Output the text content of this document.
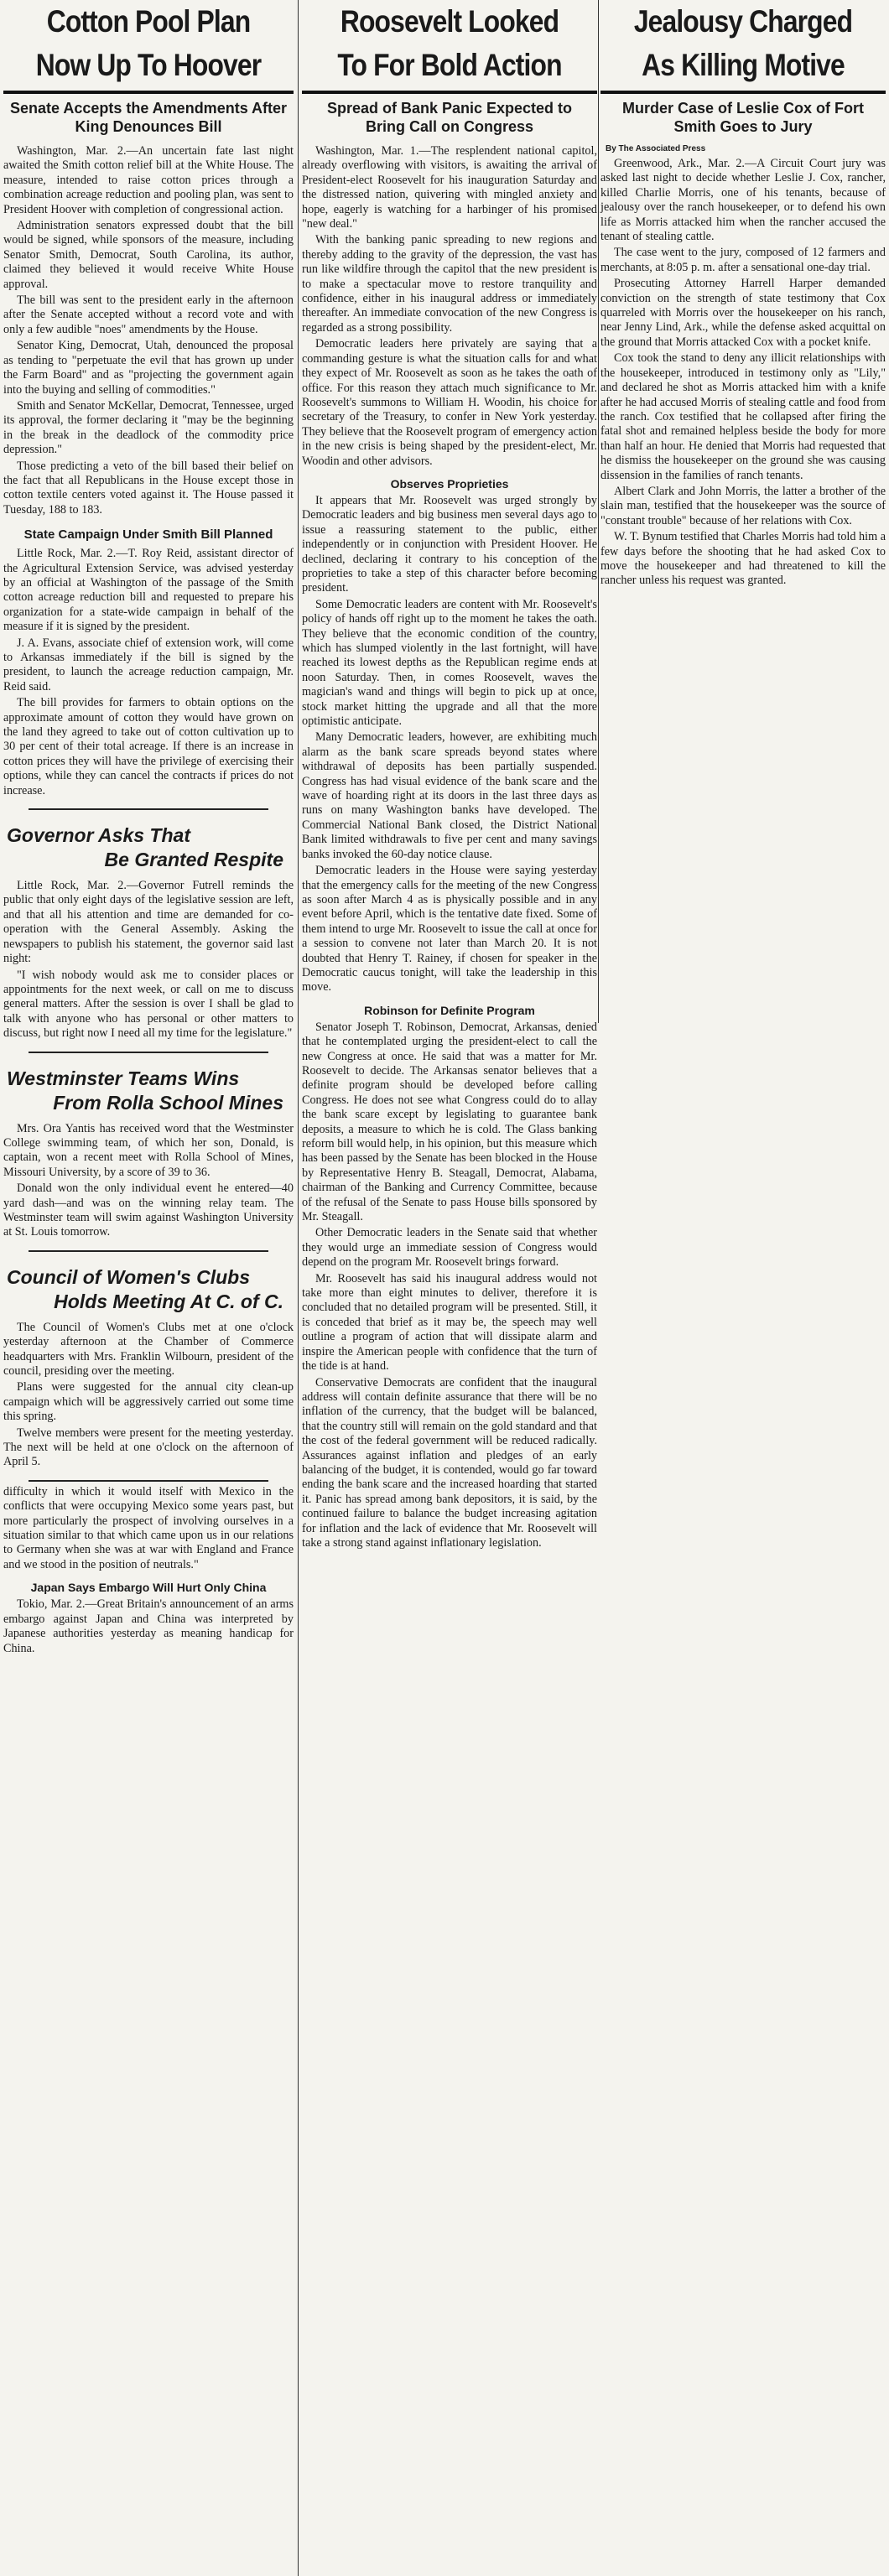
Cotton Pool Plan
Now Up To Hoover
Senate Accepts the Amendments After King Denounces Bill

Washington, Mar. 2.—An uncertain fate last night awaited the Smith cotton relief bill at the White House. The measure, intended to raise cotton prices through a combination acreage reduction and pooling plan, was sent to President Hoover with completion of congressional action.

Administration senators expressed doubt that the bill would be signed, while sponsors of the measure, including Senator Smith, Democrat, South Carolina, its author, claimed they believed it would receive White House approval.

The bill was sent to the president early in the afternoon after the Senate accepted without a record vote and with only a few audible "noes" amendments by the House.

Senator King, Democrat, Utah, denounced the proposal as tending to "perpetuate the evil that has grown up under the Farm Board" and as "projecting the government again into the buying and selling of commodities."

Smith and Senator McKellar, Democrat, Tennessee, urged its approval, the former declaring it "may be the beginning in the break in the deadlock of the commodity price depression."

Those predicting a veto of the bill based their belief on the fact that all Republicans in the House except those in cotton textile centers voted against it. The House passed it Tuesday, 188 to 183.

State Campaign Under Smith Bill Planned

Little Rock, Mar. 2.—T. Roy Reid, assistant director of the Agricultural Extension Service, was advised yesterday by an official at Washington of the passage of the Smith cotton acreage reduction bill and requested to prepare his organization for a state-wide campaign in behalf of the measure if it is signed by the president.

J. A. Evans, associate chief of extension work, will come to Arkansas immediately if the bill is signed by the president, to launch the acreage reduction campaign, Mr. Reid said.

The bill provides for farmers to obtain options on the approximate amount of cotton they would have grown on the land they agreed to take out of cotton cultivation up to 30 per cent of their total acreage. If there is an increase in cotton prices they will have the privilege of exercising their options, while they can cancel the contracts if prices do not increase.

Governor Asks That
Be Granted Respite

Little Rock, Mar. 2.—Governor Futrell reminds the public that only eight days of the legislative session are left, and that all his attention and time are demanded for co-operation with the General Assembly. Asking the newspapers to publish his statement, the governor said last night:

"I wish nobody would ask me to consider places or appointments for the next week, or call on me to discuss general matters. After the session is over I shall be glad to talk with anyone who has personal or other matters to discuss, but right now I need all my time for the legislature."

Westminster Teams Wins
From Rolla School Mines

Mrs. Ora Yantis has received word that the Westminster College swimming team, of which her son, Donald, is captain, won a recent meet with Rolla School of Mines, Missouri University, by a score of 39 to 36.

Donald won the only individual event he entered—40 yard dash—and was on the winning relay team. The Westminster team will swim against Washington University at St. Louis tomorrow.

Council of Women's Clubs
Holds Meeting At C. of C.

The Council of Women's Clubs met at one o'clock yesterday afternoon at the Chamber of Commerce headquarters with Mrs. Franklin Wilbourn, president of the council, presiding over the meeting.

Plans were suggested for the annual city clean-up campaign which will be aggressively carried out some time this spring.

Twelve members were present for the meeting yesterday. The next will be held at one o'clock on the afternoon of April 5.

difficulty in which it would itself with Mexico in the conflicts that were occupying Mexico some years past, but more particularly the prospect of involving ourselves in a situation similar to that which came upon us in our relations to Germany when she was at war with England and France and we stood in the position of neutrals."

Japan Says Embargo Will Hurt Only China

Tokio, Mar. 2.—Great Britain's announcement of an arms embargo against Japan and China was interpreted by Japanese authorities yesterday as meaning handicap for China.

Roosevelt Looked
To For Bold Action
Spread of Bank Panic Expected to Bring Call on Congress

Washington, Mar. 1.—The resplendent national capitol, already overflowing with visitors, is awaiting the arrival of President-elect Roosevelt for his inauguration Saturday and the distressed nation, quivering with mingled anxiety and hope, eagerly is watching for a harbinger of his promised "new deal."

With the banking panic spreading to new regions and thereby adding to the gravity of the depression, the vast has run like wildfire through the capitol that the new president is to make a spectacular move to restore tranquility and confidence, either in his inaugural address or immediately thereafter. An immediate convocation of the new Congress is regarded as a strong possibility.

Democratic leaders here privately are saying that a commanding gesture is what the situation calls for and what they expect of Mr. Roosevelt as soon as he takes the oath of office. For this reason they attach much significance to Mr. Roosevelt's summons to William H. Woodin, his choice for secretary of the Treasury, to confer in New York yesterday. They believe that the Roosevelt program of emergency action in the new crisis is being shaped by the president-elect, Mr. Woodin and other advisors.

Observes Proprieties

It appears that Mr. Roosevelt was urged strongly by Democratic leaders and big business men several days ago to issue a reassuring statement to the public, either independently or in conjunction with President Hoover. He declined, declaring it contrary to his conception of the proprieties to take a step of this character before becoming president.

Some Democratic leaders are content with Mr. Roosevelt's policy of hands off right up to the moment he takes the oath. They believe that the economic condition of the country, which has slumped violently in the last fortnight, will have reached its lowest depths as the Republican regime ends at noon Saturday. Then, in comes Roosevelt, waves the magician's wand and things will begin to pick up at once, stock market hitting the upgrade and all that the more optimistic anticipate.

Many Democratic leaders, however, are exhibiting much alarm as the bank scare spreads beyond states where withdrawal of deposits has been partially suspended. Congress has had visual evidence of the bank scare and the wave of hoarding right at its doors in the last three days as runs on many Washington banks have developed. The Commercial National Bank closed, the District National Bank limited withdrawals to five per cent and many savings banks invoked the 60-day notice clause.

Democratic leaders in the House were saying yesterday that the emergency calls for the meeting of the new Congress as soon after March 4 as is physically possible and in any event before April, which is the tentative date fixed. Some of them intend to urge Mr. Roosevelt to issue the call at once for a session to convene not later than March 20. It is not doubted that Henry T. Rainey, if chosen for speaker in the Democratic caucus tonight, will take the leadership in this move.

Robinson for Definite Program

Senator Joseph T. Robinson, Democrat, Arkansas, denied that he contemplated urging the president-elect to call the new Congress at once. He said that was a matter for Mr. Roosevelt to decide. The Arkansas senator believes that a definite program should be developed before calling Congress. He does not see what Congress could do to allay the bank scare except by legislating to guarantee bank deposits, a measure to which he is cold. The Glass banking reform bill would help, in his opinion, but this measure which has been passed by the Senate has been blocked in the House by Representative Henry B. Steagall, Democrat, Alabama, chairman of the Banking and Currency Committee, because of the refusal of the Senate to pass House bills sponsored by Mr. Steagall.

Other Democratic leaders in the Senate said that whether they would urge an immediate session of Congress would depend on the program Mr. Roosevelt brings forward.

Mr. Roosevelt has said his inaugural address would not take more than eight minutes to deliver, therefore it is concluded that no detailed program will be presented. Still, it is conceded that brief as it may be, the speech may well outline a program of action that will dissipate alarm and inspire the American people with confidence that the turn of the tide is at hand.

Conservative Democrats are confident that the inaugural address will contain definite assurance that there will be no inflation of the currency, that the budget will be balanced, that the country still will remain on the gold standard and that the cost of the federal government will be reduced radically. Assurances against inflation and pledges of an early balancing of the budget, it is contended, would go far toward ending the bank scare and the increased hoarding that started it. Panic has spread among bank depositors, it is said, by the continued failure to balance the budget increasing agitation for inflation and the lack of evidence that Mr. Roosevelt will take a strong stand against inflationary legislation.

Jealousy Charged
As Killing Motive
Murder Case of Leslie Cox of Fort Smith Goes to Jury
By The Associated Press

Greenwood, Ark., Mar. 2.—A Circuit Court jury was asked last night to decide whether Leslie J. Cox, rancher, killed Charlie Morris, one of his tenants, because of jealousy over the ranch housekeeper, or to defend his own life as Morris attacked him when the rancher accused the tenant of stealing cattle.

The case went to the jury, composed of 12 farmers and merchants, at 8:05 p. m. after a sensational one-day trial.

Prosecuting Attorney Harrell Harper demanded conviction on the strength of state testimony that Cox quarreled with Morris over the housekeeper on his ranch, near Jenny Lind, Ark., while the defense asked acquittal on the ground that Morris attacked Cox with a pocket knife.

Cox took the stand to deny any illicit relationships with the housekeeper, introduced in testimony only as "Lily," and declared he shot as Morris attacked him with a knife after he had accused Morris of stealing cattle and food from the ranch. Cox testified that he collapsed after firing the fatal shot and remained helpless beside the body for more than half an hour. He denied that Morris had requested that he dismiss the housekeeper on the ground she was causing dissension in the families of ranch tenants.

Albert Clark and John Morris, the latter a brother of the slain man, testified that the housekeeper was the source of "constant trouble" because of her relations with Cox.

W. T. Bynum testified that Charles Morris had told him a few days before the shooting that he had asked Cox to move the housekeeper and had threatened to kill the rancher unless his request was granted.
